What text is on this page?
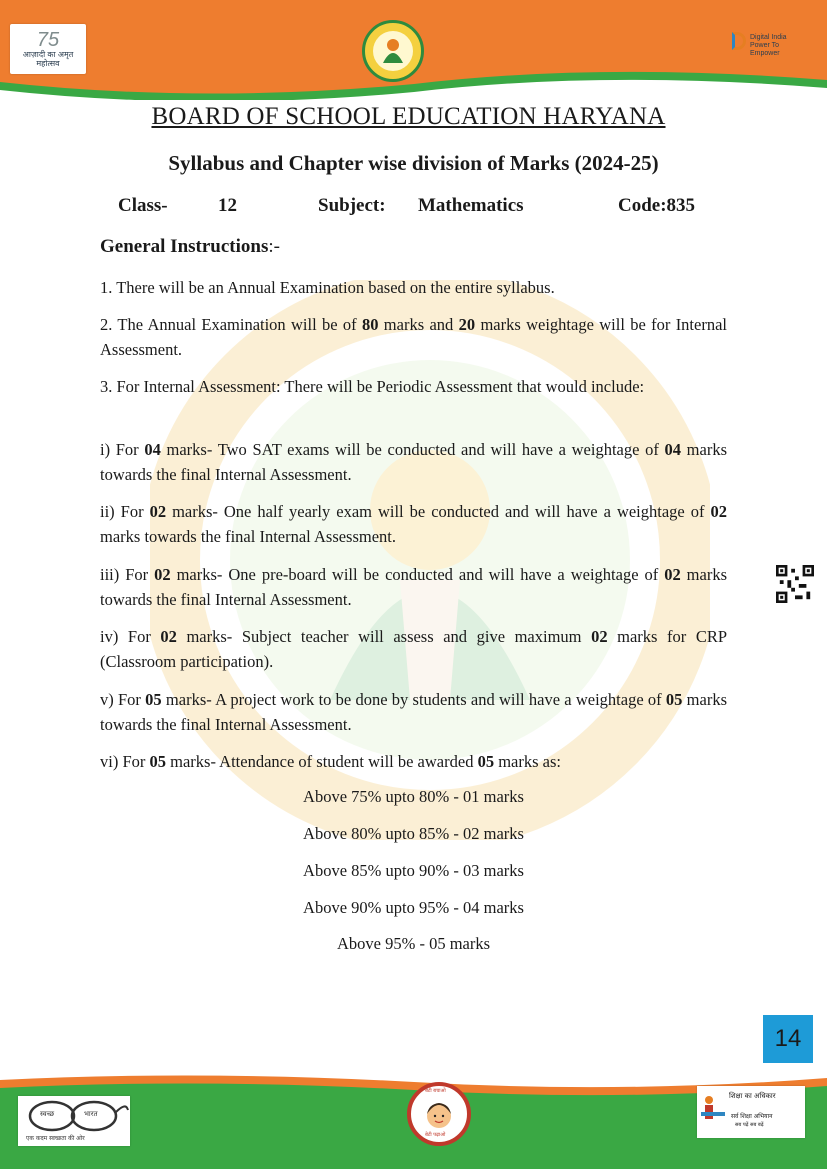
75
आज़ादी का अमृत महोत्सव
Digital India
Power To Empower
BOARD OF SCHOOL EDUCATION HARYANA
Syllabus and Chapter wise division of Marks (2024-25)
Class-	12	Subject: Mathematics	Code:835
General Instructions:-
1. There will be an Annual Examination based on the entire syllabus.
2. The Annual Examination will be of 80 marks and 20 marks weightage will be for Internal Assessment.
3. For Internal Assessment: There will be Periodic Assessment that would include:
i) For 04 marks- Two SAT exams will be conducted and will have a weightage of 04 marks towards the final Internal Assessment.
ii) For 02 marks- One half yearly exam will be conducted and will have a weightage of 02 marks towards the final Internal Assessment.
iii) For 02 marks- One pre-board will be conducted and will have a weightage of 02 marks towards the final Internal Assessment.
iv) For 02 marks- Subject teacher will assess and give maximum 02 marks for CRP (Classroom participation).
v) For 05 marks- A project work to be done by students and will have a weightage of 05 marks towards the final Internal Assessment.
vi) For 05 marks- Attendance of student will be awarded 05 marks as:
Above 75% upto 80% - 01 marks
Above 80% upto 85% - 02 marks
Above 85% upto 90% - 03 marks
Above 90% upto 95% - 04 marks
Above 95% - 05 marks
14
स्वच्छ	भारत
एक कदम स्वच्छता की ओर
बेटी बचाओ
बेटी पढ़ाओ
शिक्षा का अधिकार
सर्व शिक्षा अभियान
सब पढ़ें सब बढ़ें
